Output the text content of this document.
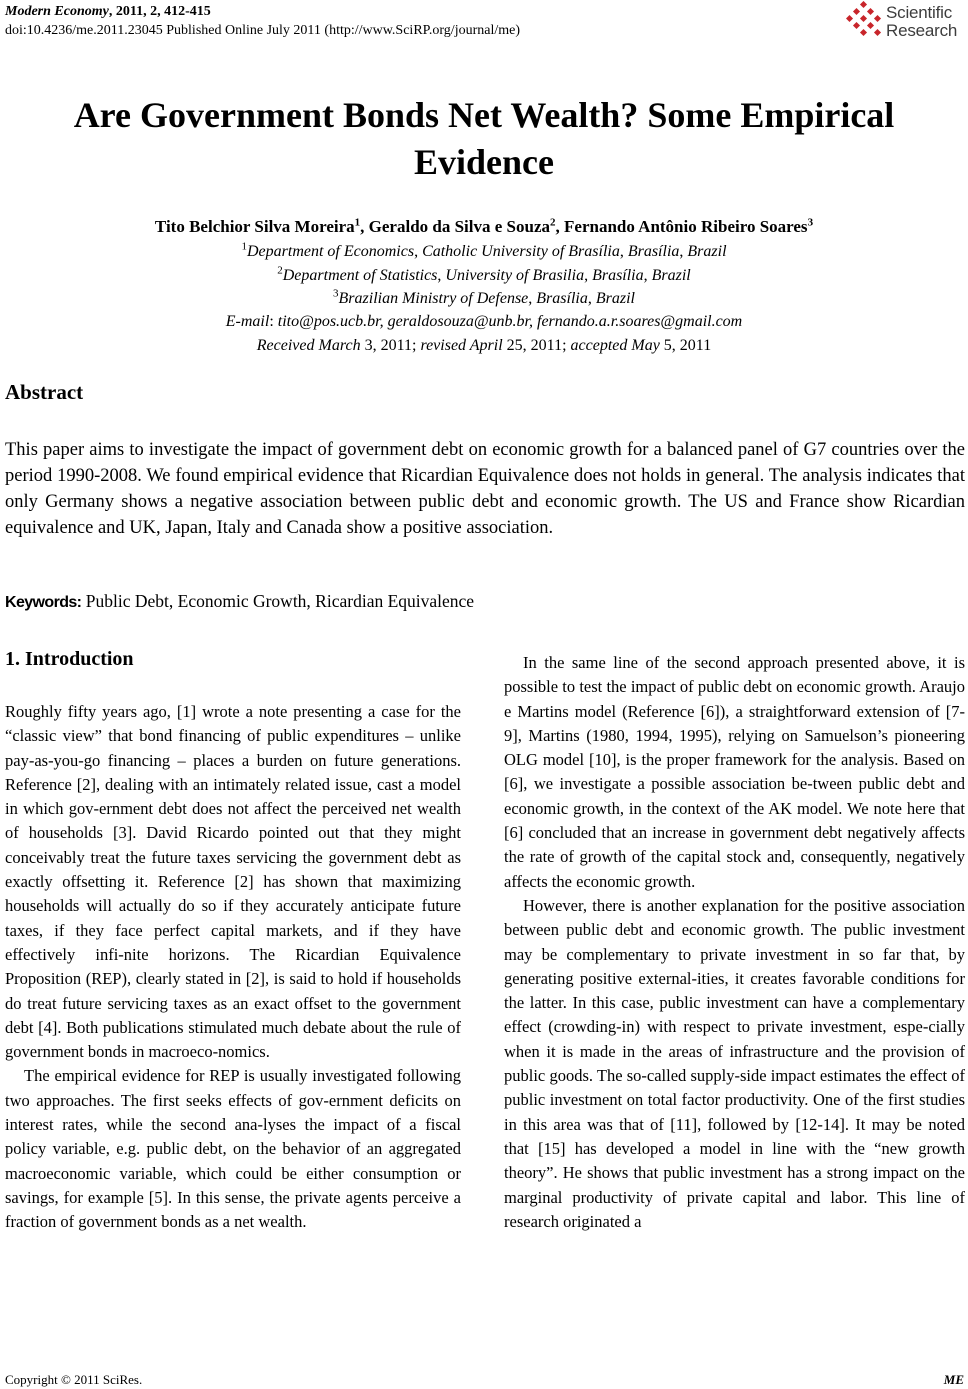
Modern Economy, 2011, 2, 412-415
doi:10.4236/me.2011.23045 Published Online July 2011 (http://www.SciRP.org/journal/me)
Scientific
Research
Are Government Bonds Net Wealth? Some Empirical Evidence
Tito Belchior Silva Moreira$^1$, Geraldo da Silva e Souza$^2$, Fernando Antônio Ribeiro Soares$^3$
$^1$Department of Economics, Catholic University of Brasília, Brasília, Brazil
$^2$Department of Statistics, University of Brasilia, Brasília, Brazil
$^3$Brazilian Ministry of Defense, Brasília, Brazil
E-mail: tito@pos.ucb.br, geraldosouza@unb.br, fernando.a.r.soares@gmail.com
Received March 3, 2011; revised April 25, 2011; accepted May 5, 2011
Abstract
This paper aims to investigate the impact of government debt on economic growth for a balanced panel of G7 countries over the period 1990-2008. We found empirical evidence that Ricardian Equivalence does not holds in general. The analysis indicates that only Germany shows a negative association between public debt and economic growth. The US and France show Ricardian equivalence and UK, Japan, Italy and Canada show a positive association.
Keywords: Public Debt, Economic Growth, Ricardian Equivalence
1. Introduction

Roughly fifty years ago, [1] wrote a note presenting a case for the “classic view” that bond financing of public expenditures – unlike pay-as-you-go financing – places a burden on future generations. Reference [2], dealing with an intimately related issue, cast a model in which gov-ernment debt does not affect the perceived net wealth of households [3]. David Ricardo pointed out that they might conceivably treat the future taxes servicing the government debt as exactly offsetting it. Reference [2] has shown that maximizing households will actually do so if they accurately anticipate future taxes, if they face perfect capital markets, and if they have effectively infi-nite horizons. The Ricardian Equivalence Proposition (REP), clearly stated in [2], is said to hold if households do treat future servicing taxes as an exact offset to the government debt [4]. Both publications stimulated much debate about the rule of government bonds in macroeco-nomics.

The empirical evidence for REP is usually investigated following two approaches. The first seeks effects of gov-ernment deficits on interest rates, while the second ana-lyses the impact of a fiscal policy variable, e.g. public debt, on the behavior of an aggregated macroeconomic variable, which could be either consumption or savings, for example [5]. In this sense, the private agents perceive a fraction of government bonds as a net wealth.

In the same line of the second approach presented above, it is possible to test the impact of public debt on economic growth. Araujo e Martins model (Reference [6]), a straightforward extension of [7-9], Martins (1980, 1994, 1995), relying on Samuelson’s pioneering OLG model [10], is the proper framework for the analysis. Based on [6], we investigate a possible association be-tween public debt and economic growth, in the context of the AK model. We note here that [6] concluded that an increase in government debt negatively affects the rate of growth of the capital stock and, consequently, negatively affects the economic growth.

However, there is another explanation for the positive association between public debt and economic growth. The public investment may be complementary to private investment in so far that, by generating positive external-ities, it creates favorable conditions for the latter. In this case, public investment can have a complementary effect (crowding-in) with respect to private investment, espe-cially when it is made in the areas of infrastructure and the provision of public goods. The so-called supply-side impact estimates the effect of public investment on total factor productivity. One of the first studies in this area was that of [11], followed by [12-14]. It may be noted that [15] has developed a model in line with the “new growth theory”. He shows that public investment has a strong impact on the marginal productivity of private capital and labor. This line of research originated a

Copyright © 2011 SciRes.	ME
